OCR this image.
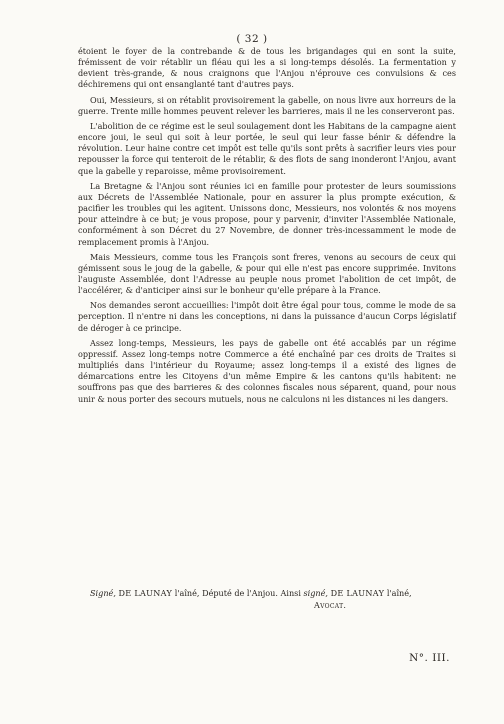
( 32 )

étoient le foyer de la contrebande & de tous les brigandages qui en sont la suite, frémissent de voir rétablir un fléau qui les a si long-temps désolés. La fermentation y devient très-grande, & nous craignons que l'Anjou n'éprouve ces convulsions & ces déchiremens qui ont ensanglanté tant d'autres pays.

Oui, Messieurs, si on rétablit provisoirement la gabelle, on nous livre aux horreurs de la guerre. Trente mille hommes peuvent relever les barrieres, mais il ne les conserveront pas.

L'abolition de ce régime est le seul soulagement dont les Habitans de la campagne aient encore joui, le seul qui soit à leur portée, le seul qui leur fasse bénir & défendre la révolution. Leur haine contre cet impôt est telle qu'ils sont prêts à sacrifier leurs vies pour repousser la force qui tenteroit de le rétablir, & des flots de sang inonderont l'Anjou, avant que la gabelle y reparoisse, même provisoirement.

La Bretagne & l'Anjou sont réunies ici en famille pour protester de leurs soumissions aux Décrets de l'Assemblée Nationale, pour en assurer la plus prompte exécution, & pacifier les troubles qui les agitent. Unissons donc, Messieurs, nos volontés & nos moyens pour atteindre à ce but; je vous propose, pour y parvenir, d'inviter l'Assemblée Nationale, conformément à son Décret du 27 Novembre, de donner très-incessamment le mode de remplacement promis à l'Anjou.

Mais Messieurs, comme tous les François sont freres, venons au secours de ceux qui gémissent sous le joug de la gabelle, & pour qui elle n'est pas encore supprimée. Invitons l'auguste Assemblée, dont l'Adresse au peuple nous promet l'abolition de cet impôt, de l'accélérer, & d'anticiper ainsi sur le bonheur qu'elle prépare à la France.

Nos demandes seront accueillies: l'impôt doit être égal pour tous, comme le mode de sa perception. Il n'entre ni dans les conceptions, ni dans la puissance d'aucun Corps législatif de déroger à ce principe.

Assez long-temps, Messieurs, les pays de gabelle ont été accablés par un régime oppressif. Assez long-temps notre Commerce a été enchaîné par ces droits de Traites si multipliés dans l'intérieur du Royaume; assez long-temps il a existé des lignes de démarcations entre les Citoyens d'un même Empire & les cantons qu'ils habitent: ne souffrons pas que des barrieres & des colonnes fiscales nous séparent, quand, pour nous unir & nous porter des secours mutuels, nous ne calculons ni les distances ni les dangers.

Signé, DE LAUNAY l'aîné, Député de l'Anjou. Ainsi signé, DE LAUNAY l'aîné,

Avocat.

N°. III.
